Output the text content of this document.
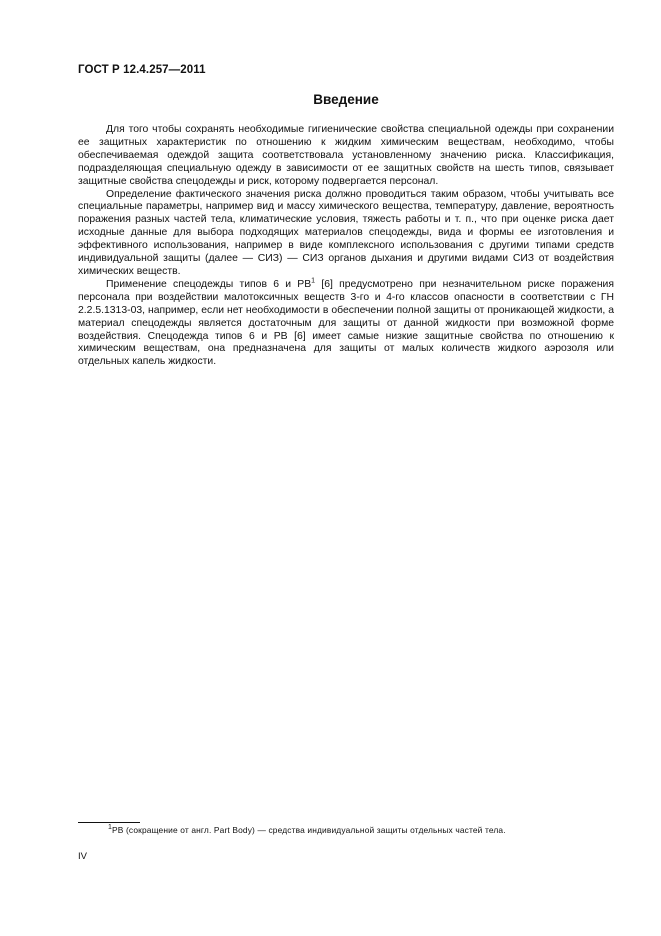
ГОСТ Р 12.4.257—2011
Введение

Для того чтобы сохранять необходимые гигиенические свойства специальной одежды при сохранении ее защитных характеристик по отношению к жидким химическим веществам, необходимо, чтобы обеспечиваемая одеждой защита соответствовала установленному значению риска. Классификация, подразделяющая специальную одежду в зависимости от ее защитных свойств на шесть типов, связывает защитные свойства спецодежды и риск, которому подвергается персонал.

Определение фактического значения риска должно проводиться таким образом, чтобы учитывать все специальные параметры, например вид и массу химического вещества, температуру, давление, вероятность поражения разных частей тела, климатические условия, тяжесть работы и т. п., что при оценке риска дает исходные данные для выбора подходящих материалов спецодежды, вида и формы ее изготовления и эффективного использования, например в виде комплексного использования с другими типами средств индивидуальной защиты (далее — СИЗ) — СИЗ органов дыхания и другими видами СИЗ от воздействия химических веществ.

Применение спецодежды типов 6 и $PB^1$ [6] предусмотрено при незначительном риске поражения персонала при воздействии малотоксичных веществ 3-го и 4-го классов опасности в соответствии с ГН 2.2.5.1313-03, например, если нет необходимости в обеспечении полной защиты от проникающей жидкости, а материал спецодежды является достаточным для защиты от данной жидкости при возможной форме воздействия. Спецодежда типов 6 и PB [6] имеет самые низкие защитные свойства по отношению к химическим веществам, она предназначена для защиты от малых количеств жидкого аэрозоля или отдельных капель жидкости.

$^1$PB (сокращение от англ. Part Body) — средства индивидуальной защиты отдельных частей тела.
IV
